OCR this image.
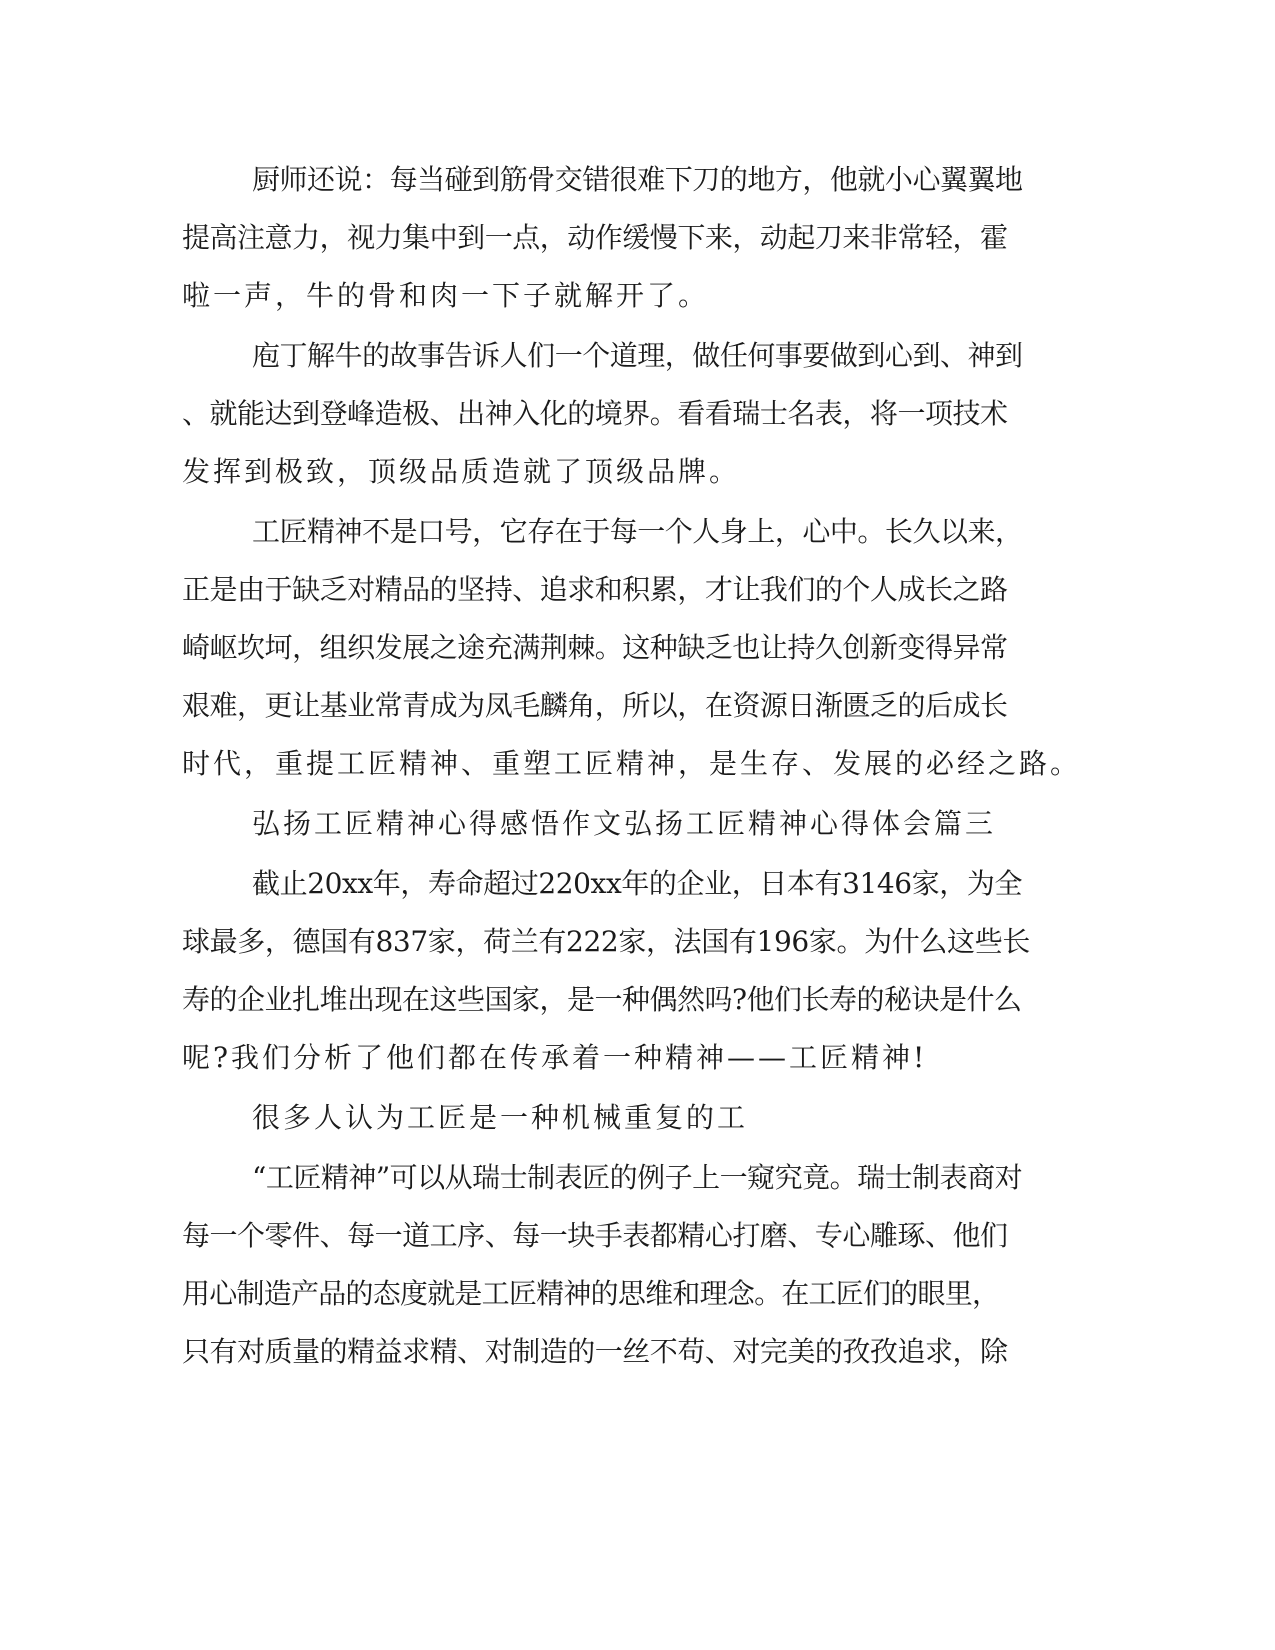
厨师还说：每当碰到筋骨交错很难下刀的地方，他就小心翼翼地
提高注意力，视力集中到一点，动作缓慢下来，动起刀来非常轻，霍
啦一声，牛的骨和肉一下子就解开了。
庖丁解牛的故事告诉人们一个道理，做任何事要做到心到、神到
、就能达到登峰造极、出神入化的境界。看看瑞士名表，将一项技术
发挥到极致，顶级品质造就了顶级品牌。
工匠精神不是口号，它存在于每一个人身上，心中。长久以来，
正是由于缺乏对精品的坚持、追求和积累，才让我们的个人成长之路
崎岖坎坷，组织发展之途充满荆棘。这种缺乏也让持久创新变得异常
艰难，更让基业常青成为凤毛麟角，所以，在资源日渐匮乏的后成长
时代，重提工匠精神、重塑工匠精神，是生存、发展的必经之路。
弘扬工匠精神心得感悟作文弘扬工匠精神心得体会篇三
截止20xx年，寿命超过220xx年的企业，日本有3146家，为全
球最多，德国有837家，荷兰有222家，法国有196家。为什么这些长
寿的企业扎堆出现在这些国家，是一种偶然吗?他们长寿的秘诀是什么
呢?我们分析了他们都在传承着一种精神——工匠精神!
很多人认为工匠是一种机械重复的工
“工匠精神”可以从瑞士制表匠的例子上一窥究竟。瑞士制表商对
每一个零件、每一道工序、每一块手表都精心打磨、专心雕琢、他们
用心制造产品的态度就是工匠精神的思维和理念。在工匠们的眼里，
只有对质量的精益求精、对制造的一丝不苟、对完美的孜孜追求，除
